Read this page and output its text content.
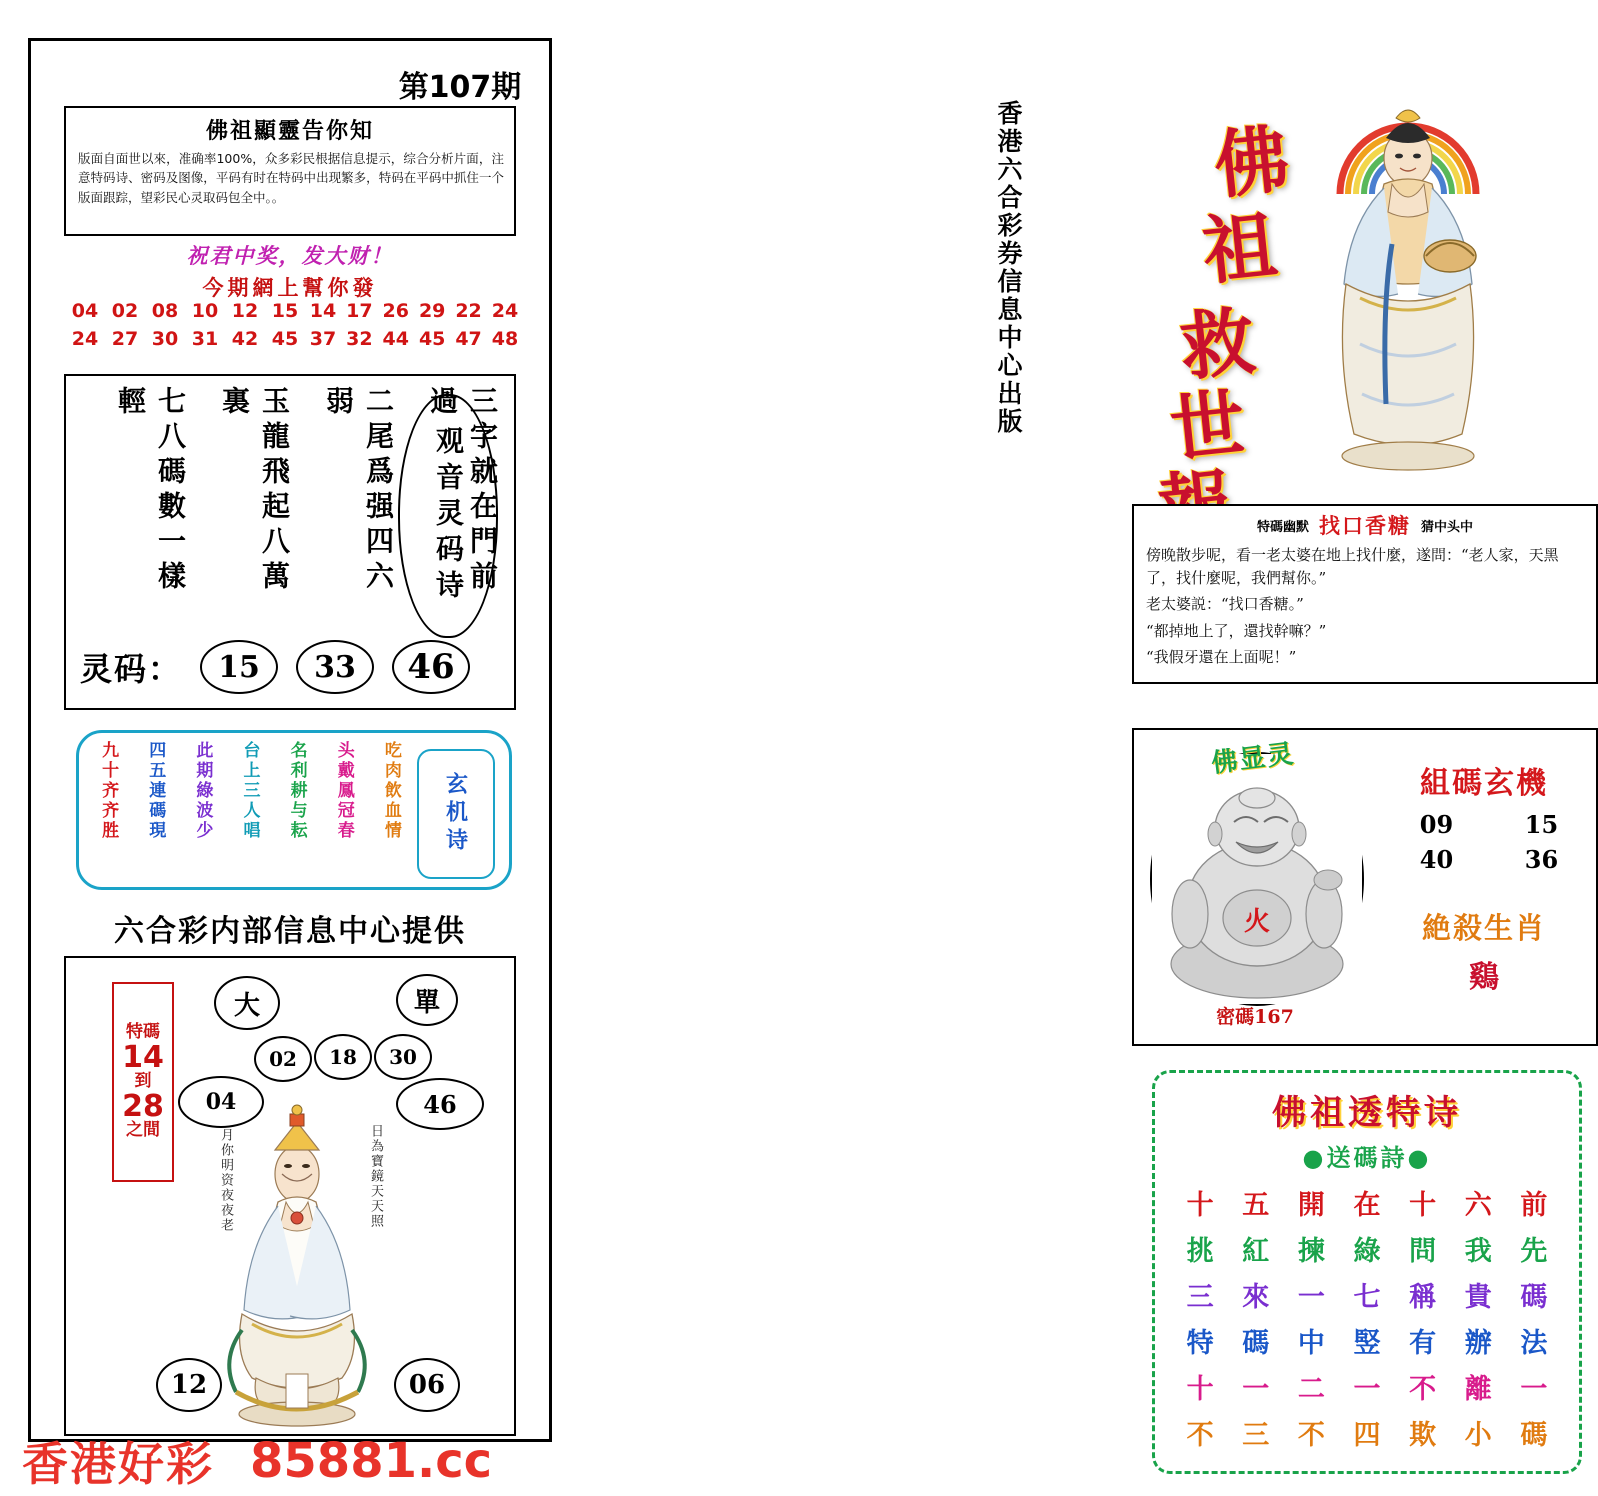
第107期
佛祖顯靈告你知
版面自面世以來，准确率100%，众多彩民根据信息提示，综合分析片面，注意特码诗、密码及图像，平码有时在特码中出现繁多，特码在平码中抓住一个版面跟踪，望彩民心灵取码包全中。。
祝君中奖，发大财！
今期網上幫你發
04 02 08 10 12 15 14 17 26 29 22 24
24 27 30 31 42 45 37 32 44 45 47 48
三字就在門前過
二尾爲强四六弱
玉龍飛起八萬裏
七八碼數一樣輕
观音灵码诗
灵码：	15	33	46
吃肉飲血情
头戴鳳冠春
名利耕与耘
台上三人唱
此期綠波少
四五連碼現
九十齐齐胜	玄机诗
六合彩内部信息中心提供
特碼
14
到
28
之間
大	單
02	18	30
04	46
12	06
月你明资夜夜老	日為寶鏡天天照
佛
祖
救
世
香港六合彩券信息中心出版
特碼幽默 找口香糖 猜中头中
傍晚散步呢，看一老太婆在地上找什麼，遂問：“老人家，天黑了，找什麼呢，我們幫你。”
老太婆説：“找口香糖。”
“都掉地上了，還找幹嘛？”
“我假牙還在上面呢！”
火
佛显灵
密碼167
組碼玄機
09	15
40	36
絶殺生肖
鷄
佛祖透特诗
●送碼詩●
十	五	開	在	十	六	前
挑	紅	揀	綠	問	我	先
三	來	一	七	稱	貴	碼
特	碼	中	竪	有	辦	法
十	一	二	一	不	離	一
不	三	不	四	欺	小	碼
香港好彩 85881.cc
